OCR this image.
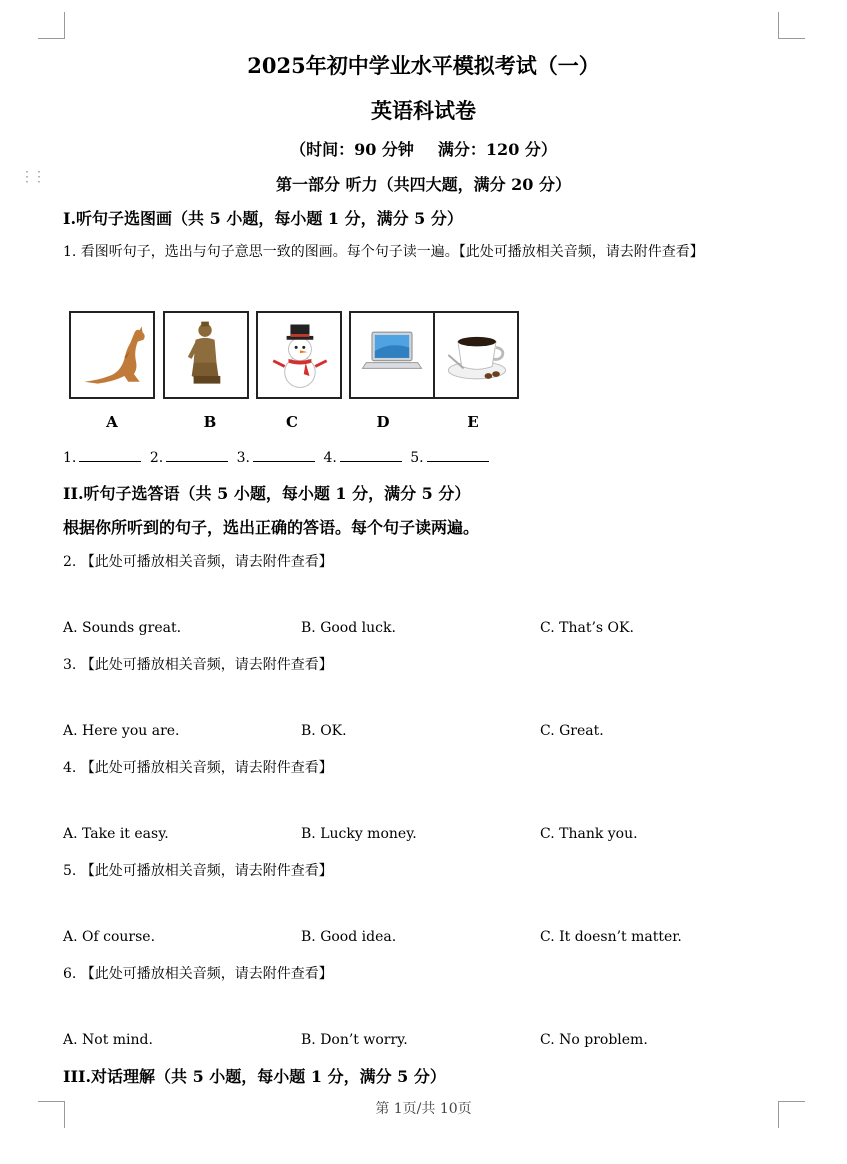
⋮⋮
2025年初中学业水平模拟考试（一）
英语科试卷
（时间：90 分钟 满分：120 分）
第一部分 听力（共四大题，满分 20 分）
I.听句子选图画（共 5 小题，每小题 1 分，满分 5 分）
1. 看图听句子，选出与句子意思一致的图画。每个句子读一遍。【此处可播放相关音频，请去附件查看】
A	B	C	D	E
1.	2.	3.	4.	5.
II.听句子选答语（共 5 小题，每小题 1 分，满分 5 分）
根据你所听到的句子，选出正确的答语。每个句子读两遍。
2. 【此处可播放相关音频，请去附件查看】
A. Sounds great.	B. Good luck.	C. That’s OK.
3. 【此处可播放相关音频，请去附件查看】
A. Here you are.	B. OK.	C. Great.
4. 【此处可播放相关音频，请去附件查看】
A. Take it easy.	B. Lucky money.	C. Thank you.
5. 【此处可播放相关音频，请去附件查看】
A. Of course.	B. Good idea.	C. It doesn’t matter.
6. 【此处可播放相关音频，请去附件查看】
A. Not mind.	B. Don’t worry.	C. No problem.
III.对话理解（共 5 小题，每小题 1 分，满分 5 分）
第 1页/共 10页
